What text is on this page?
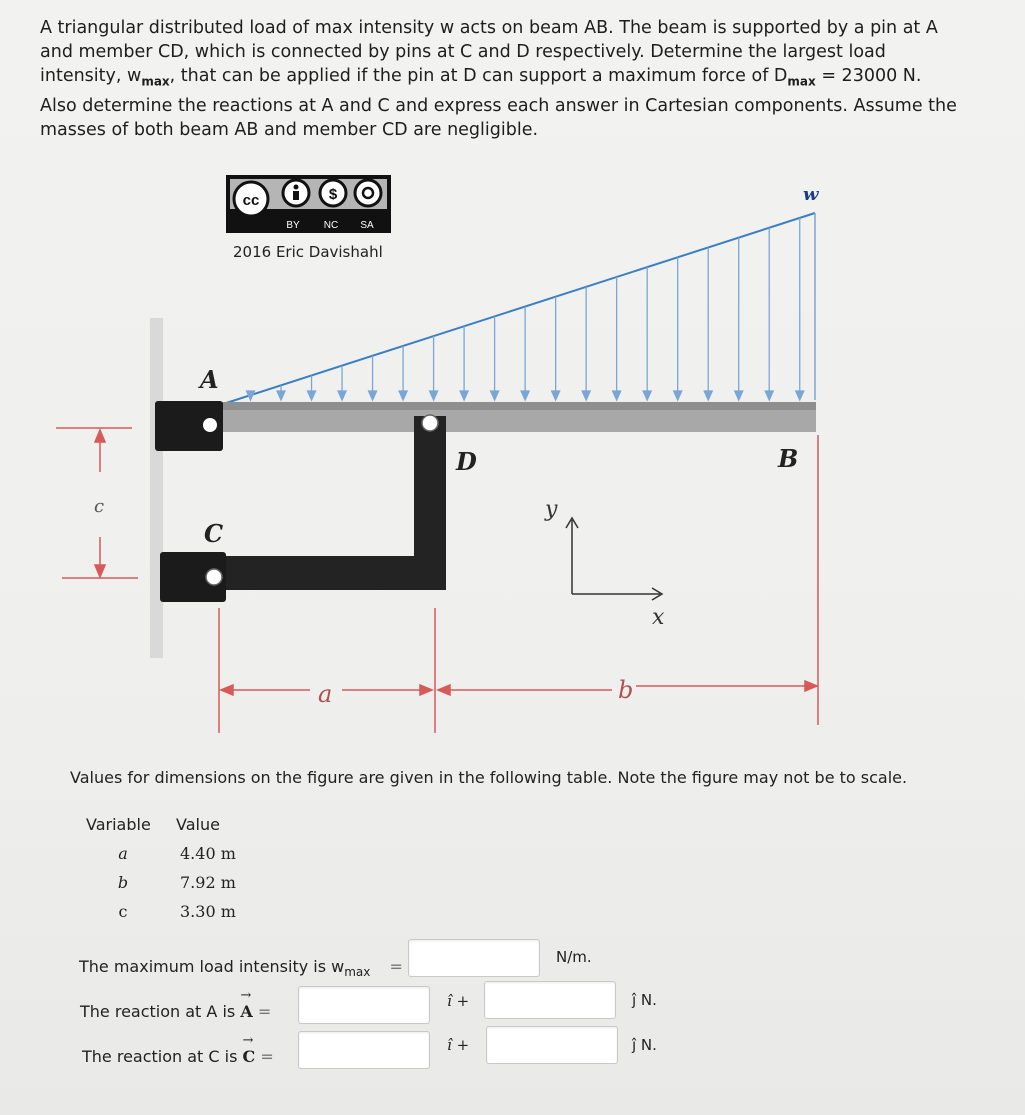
A triangular distributed load of max intensity w acts on beam AB. The beam is supported by a pin at A

and member CD, which is connected by pins at C and D respectively. Determine the largest load

intensity, $w_{max}$, that can be applied if the pin at D can support a maximum force of $D_{max} = 23000$ N.

Also determine the reactions at A and C and express each answer in Cartesian components. Assume the

masses of both beam AB and member CD are negligible.

cc	$
BY NC SA
2016 Eric Davishahl
w
A
B
D
C
c
a	b
y
x
Values for dimensions on the figure are given in the following table. Note the figure may not be to scale.
Variable	Value
a	4.40 m
b	7.92 m
c	3.30 m
The maximum load intensity is $w_{max}$ =	N/m.
The reaction at A is → A =
î +	ĵ N.
The reaction at C is → C =
î +	ĵ N.
